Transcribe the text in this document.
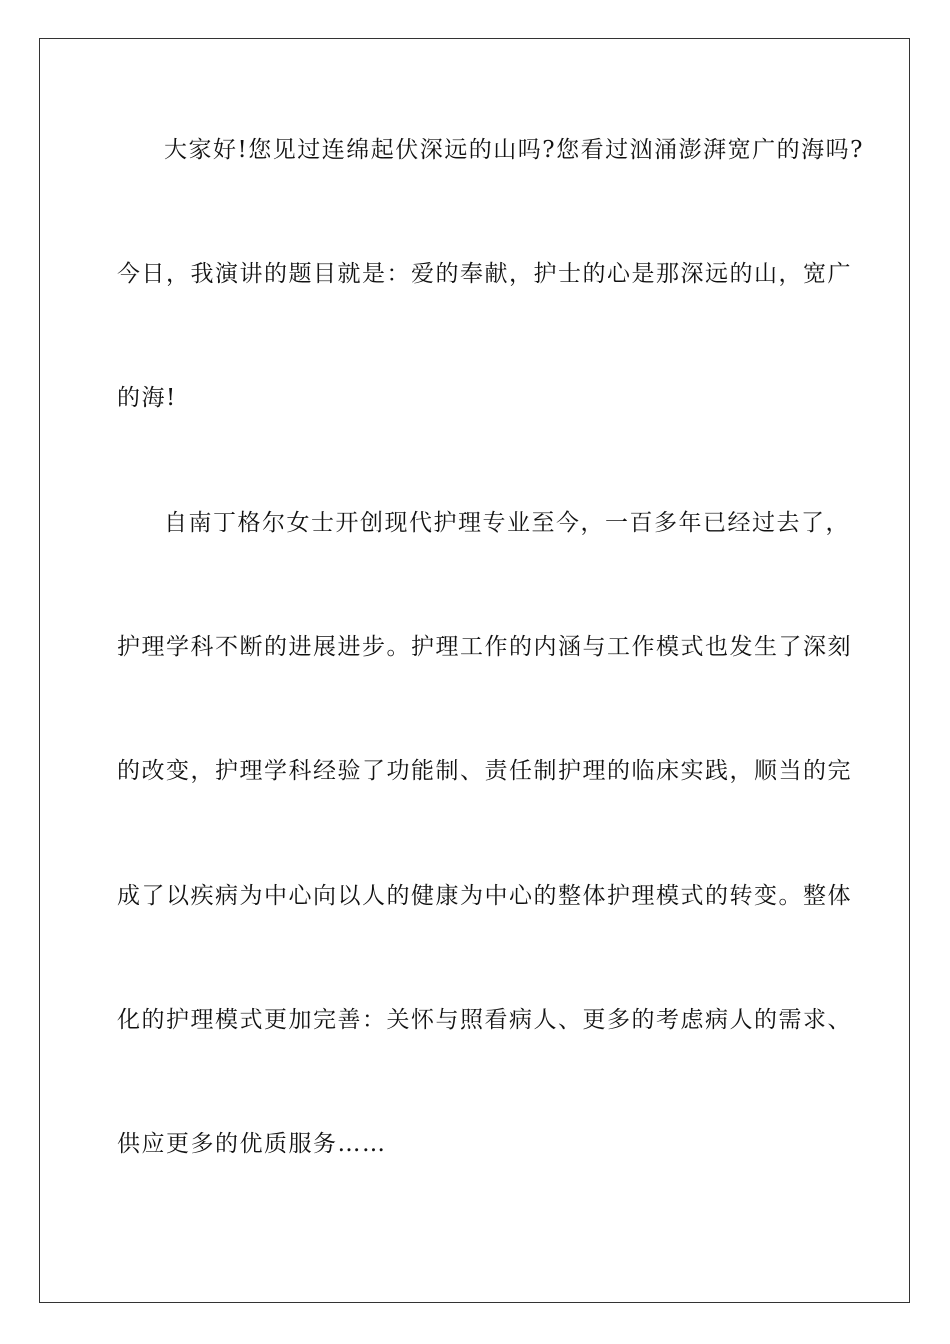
大家好!您见过连绵起伏深远的山吗?您看过汹涌澎湃宽广的海吗?
今日，我演讲的题目就是：爱的奉献，护士的心是那深远的山，宽广
的海!
自南丁格尔女士开创现代护理专业至今，一百多年已经过去了，
护理学科不断的进展进步。护理工作的内涵与工作模式也发生了深刻
的改变，护理学科经验了功能制、责任制护理的临床实践，顺当的完
成了以疾病为中心向以人的健康为中心的整体护理模式的转变。整体
化的护理模式更加完善：关怀与照看病人、更多的考虑病人的需求、
供应更多的优质服务……
